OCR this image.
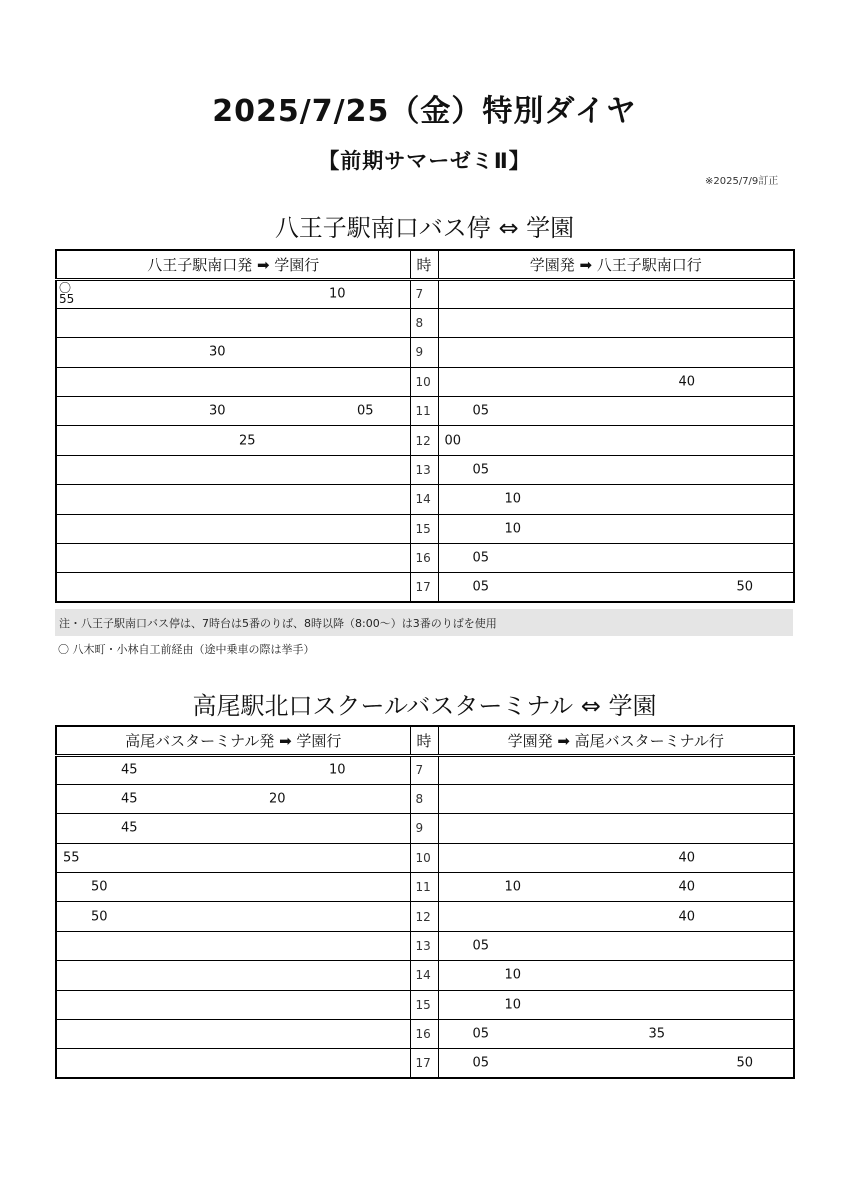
2025/7/25（金）特別ダイヤ
【前期サマーゼミⅡ】
※2025/7/9訂正
八王子駅南口バス停 ⇔ 学園
八王子駅南口発 ➡ 学園行	時	学園発 ➡ 八王子駅南口行

〇
55 10	7	
	8	

30	9	
	10	40

30 05	11	05

25	12	00

	13	05

	14	10

	15	10

	16	05

	17	05 50
注・八王子駅南口バス停は、7時台は5番のりば、8時以降（8:00〜）は3番のりばを使用
〇 八木町・小林自工前経由（途中乗車の際は挙手）
高尾駅北口スクールバスターミナル ⇔ 学園
高尾バスターミナル発 ➡ 学園行	時	学園発 ➡ 高尾バスターミナル行

45 10	7	

45 20	8	

45	9	

55	10	40

50	11	10 40

50	12	40

	13	05

	14	10

	15	10

	16	05 35

	17	05 50
